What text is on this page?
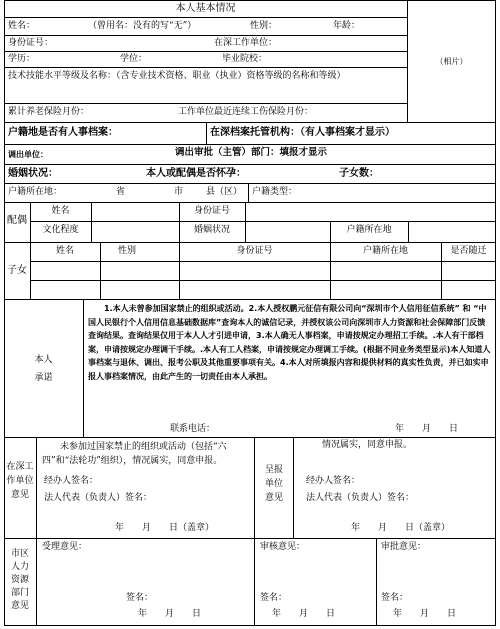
本人基本情况
姓名：	（曾用名：没有的写“无”）	性别：	年龄：
身份证号：	在深工作单位：
学历：	学位：	毕业院校：
技术技能水平等级及名称：（含专业技术资格、职业（执业）资格等级的名称和等级）
累计养老保险月份：	工作单位最近连续工伤保险月份：
（相片）
户籍地是否有人事档案：	在深档案托管机构：（有人事档案才显示）
调出单位：	调出审批（主管）部门：填报才显示
婚姻状况：	本人或配偶是否怀孕：	子女数：
户籍所在地：	省	市	县（区） 户籍类型：
配偶
姓名	身份证号
文化程度	婚姻状况	户籍所在地
子女
姓名	性别	身份证号	户籍所在地	是否随迁
本人
承诺
1.本人未曾参加国家禁止的组织或活动。2.本人授权鹏元征信有限公司向“深圳市个人信用征信系统” 和 “中国人民银行个人信用信息基础数据库”查询本人的诚信记录，并授权该公司向深圳市人力资源和社会保障部门反馈查询结果。查询结果仅用于本人人才引进申请，3.本人确无人事档案，申请按规定办理招工手续。.本人有干部档案，申请按规定办理调干手续。.本人有工人档案，申请按规定办理调工手续。(根据不同业务类型显示)本人知道人事档案与退休、调出、报考公职及其他重要事项有关。4.本人对所填报内容和提供材料的真实性负责，并已如实申报人事档案情况，由此产生的一切责任由本人承担。
联系电话：	年　　月　　日
在深工作单位意见
未参加过国家禁止的组织或活动（包括“六四”和“法轮功”组织），情况属实，同意申报。
经办人签名：
法人代表（负责人）签名：
年　　月　　日（盖章）
呈报单位意见
情况属实，同意申报。
经办人签名：
法人代表（负责人）签名：
年　　月　　日（盖章）
市区人力资源部门意见
受理意见：	审核意见：	审批意见：
签名：	签名：	签名：
年　　月　　日	年　　月　　日	年　　月　　日
